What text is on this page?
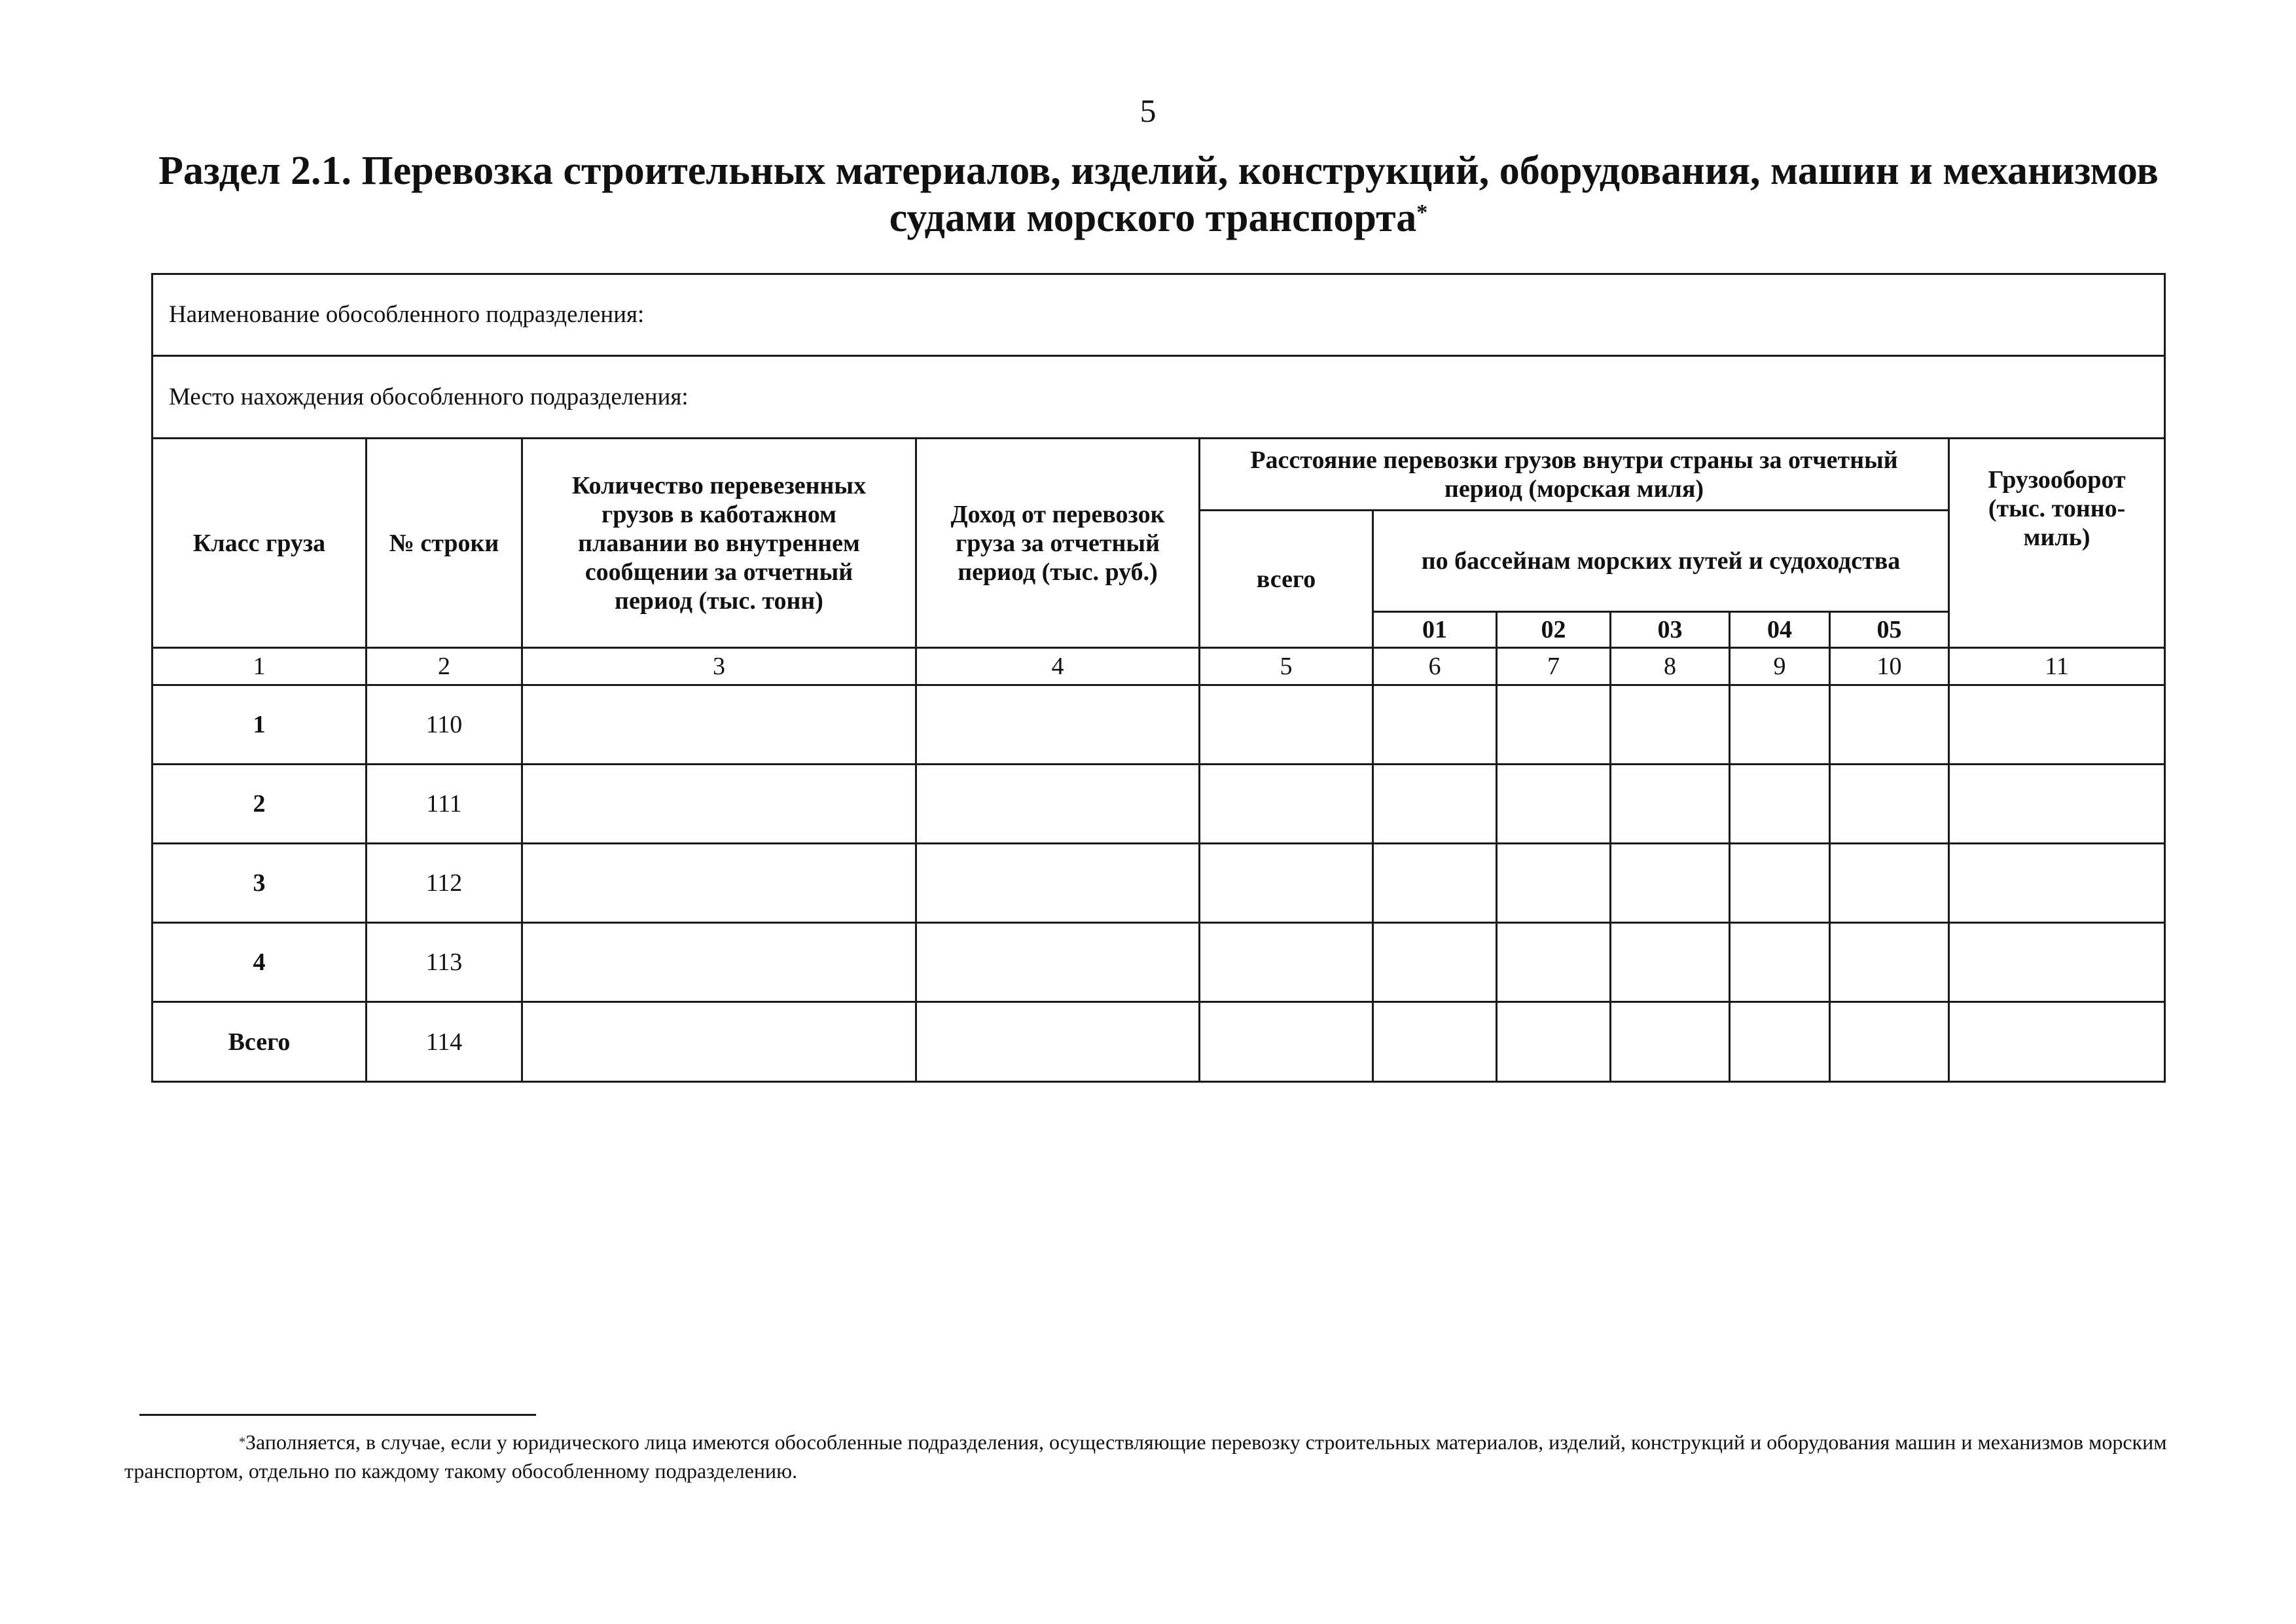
5
Раздел 2.1. Перевозка строительных материалов, изделий, конструкций, оборудования, машин и механизмов судами морского транспорта*
Наименование обособленного подразделения:										
Место нахождения обособленного подразделения:										
Класс груза	№ строки	Количество перевезенных грузов в каботажном плавании во внутреннем сообщении за отчетный период (тыс. тонн)	Доход от перевозок груза за отчетный период (тыс. руб.)	Расстояние перевозки грузов внутри страны за отчетный период (морская миля)						Грузооборот (тыс. тонно-миль)
				всего	по бассейнам морских путей и судоходства					
					01	02	03	04	05	
1	2	3	4	5	6	7	8	9	10	11
1	110									
2	111									
3	112									
4	113									
Всего	114									
*Заполняется, в случае, если у юридического лица имеются обособленные подразделения, осуществляющие перевозку строительных материалов, изделий, конструкций и оборудования машин и механизмов морским транспортом, отдельно по каждому такому обособленному подразделению.
